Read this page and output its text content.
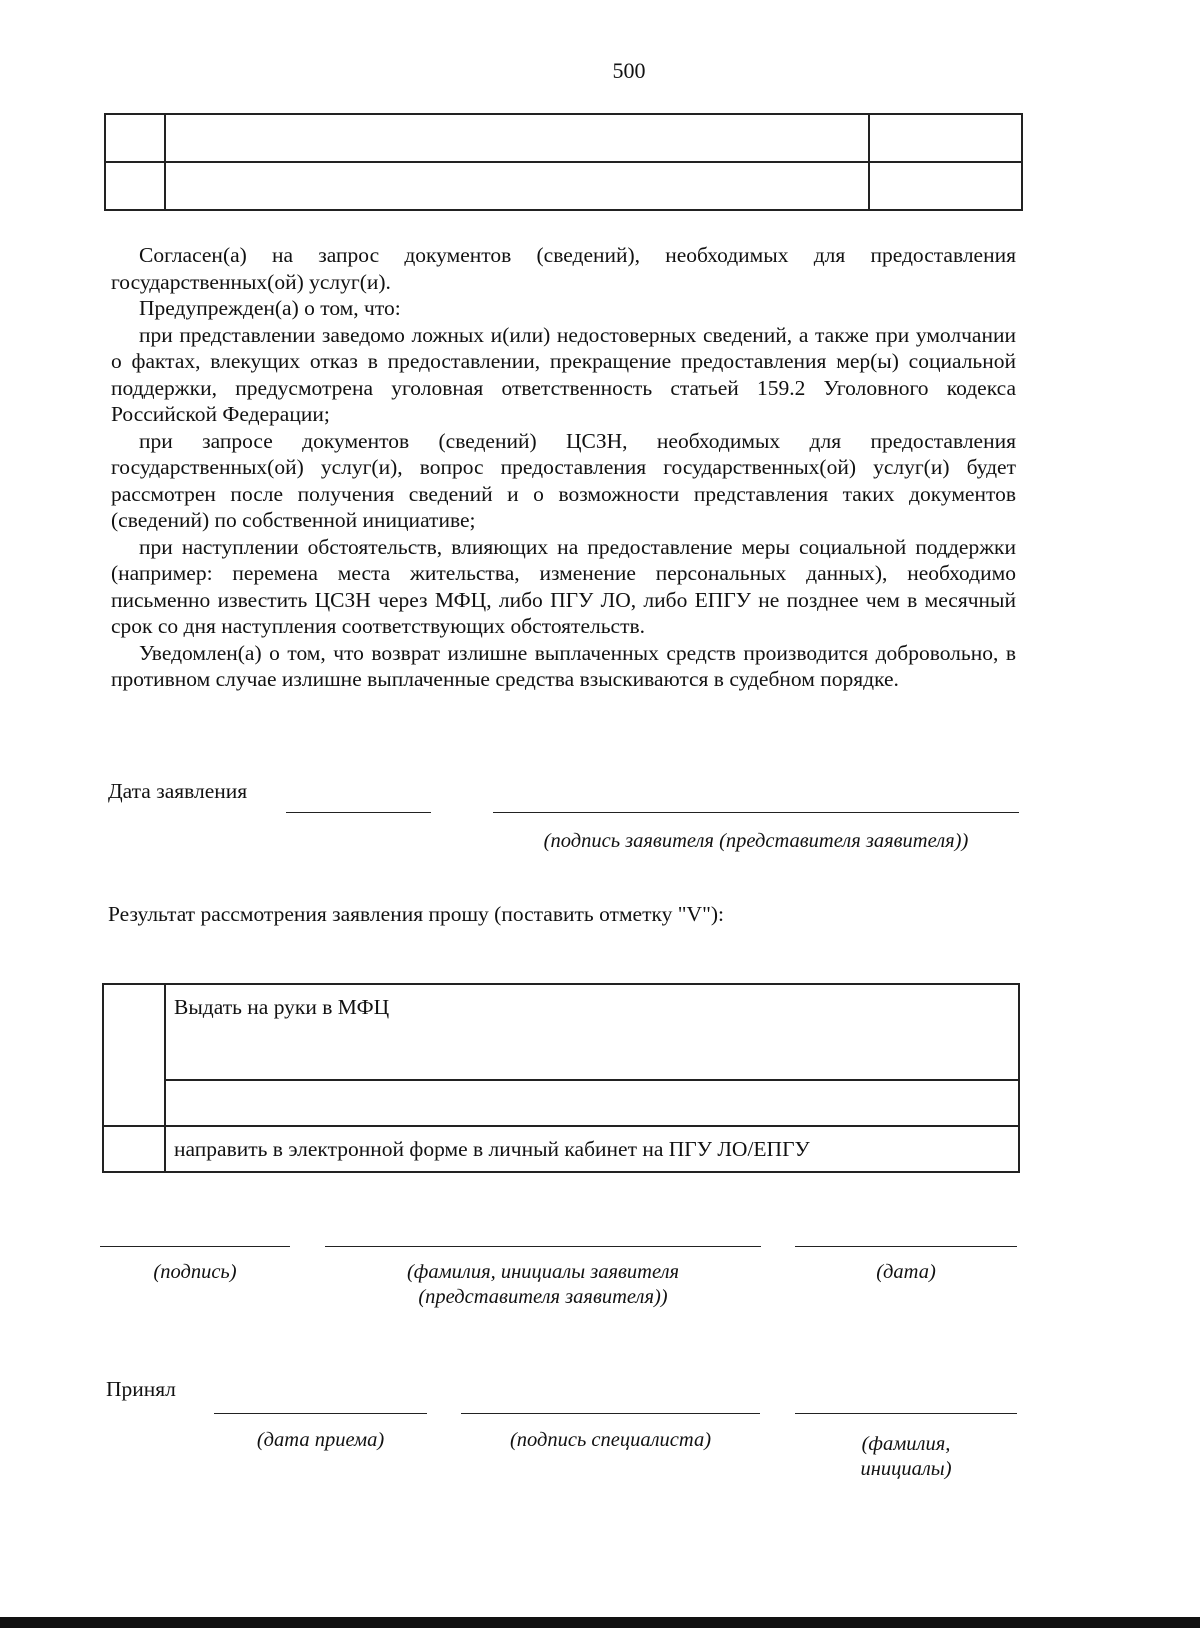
500

Согласен(а) на запрос документов (сведений), необходимых для предоставления государственных(ой) услуг(и).

Предупрежден(а) о том, что:

при представлении заведомо ложных и(или) недостоверных сведений, а также при умолчании о фактах, влекущих отказ в предоставлении, прекращение предоставления мер(ы) социальной поддержки, предусмотрена уголовная ответственность статьей 159.2 Уголовного кодекса Российской Федерации;

при запросе документов (сведений) ЦСЗН, необходимых для предоставления государственных(ой) услуг(и), вопрос предоставления государственных(ой) услуг(и) будет рассмотрен после получения сведений и о возможности представления таких документов (сведений) по собственной инициативе;

при наступлении обстоятельств, влияющих на предоставление меры социальной поддержки (например: перемена места жительства, изменение персональных данных), необходимо письменно известить ЦСЗН через МФЦ, либо ПГУ ЛО, либо ЕПГУ не позднее чем в месячный срок со дня наступления соответствующих обстоятельств.

Уведомлен(а) о том, что возврат излишне выплаченных средств производится добровольно, в противном случае излишне выплаченные средства взыскиваются в судебном порядке.

Дата заявления
(подпись заявителя (представителя заявителя))
Результат рассмотрения заявления прошу (поставить отметку "V"):
	Выдать на руки в МФЦ

	направить в электронной форме в личный кабинет на ПГУ ЛО/ЕПГУ
(подпись)	(фамилия, инициалы заявителя
(представителя заявителя))
(дата)
Принял
(дата приема)	(подпись специалиста)	(фамилия,
инициалы)
